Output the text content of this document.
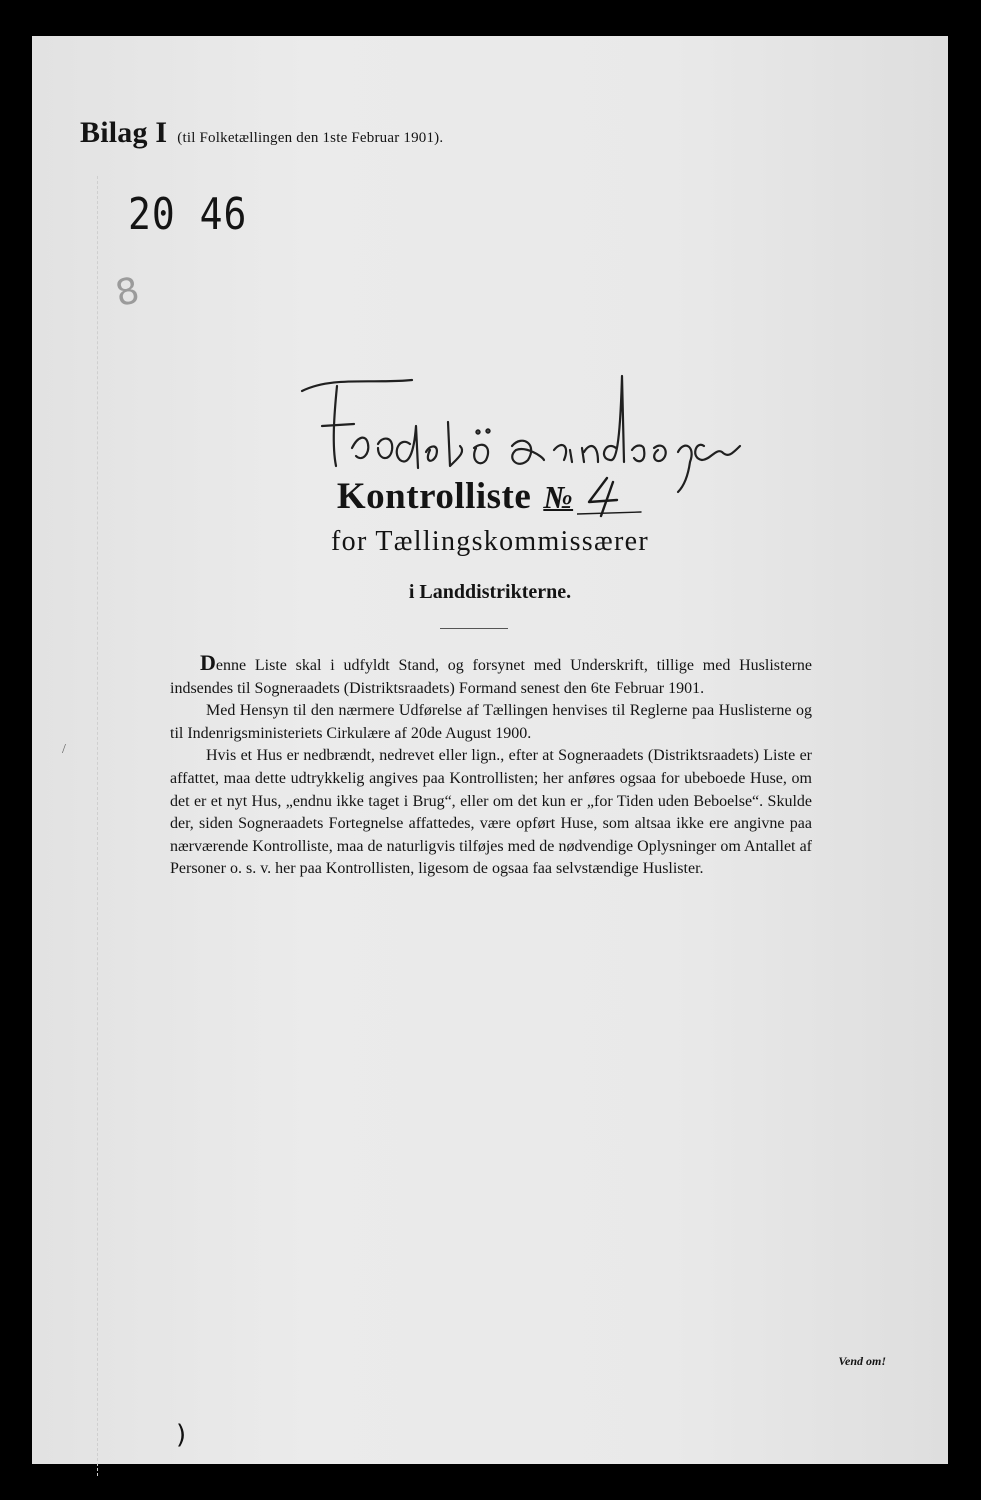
Bilag I (til Folketællingen den 1ste Februar 1901).
20 46
8
Kontrolliste №
for Tællingskommissærer
i Landdistrikterne.

Denne Liste skal i udfyldt Stand, og forsynet med Underskrift, tillige med Huslisterne indsendes til Sogneraadets (Distriktsraadets) Formand senest den 6te Februar 1901.

Med Hensyn til den nærmere Udførelse af Tællingen henvises til Reglerne paa Huslisterne og til Indenrigsministeriets Cirkulære af 20de August 1900.

Hvis et Hus er nedbrændt, nedrevet eller lign., efter at Sogneraadets (Distriktsraadets) Liste er affattet, maa dette udtrykkelig angives paa Kontrollisten; her anføres ogsaa for ubeboede Huse, om det er et nyt Hus, „endnu ikke taget i Brug“, eller om det kun er „for Tiden uden Beboelse“. Skulde der, siden Sogneraadets Fortegnelse affattedes, være opført Huse, som altsaa ikke ere angivne paa nærværende Kontrolliste, maa de naturligvis tilføjes med de nødvendige Oplysninger om Antallet af Personer o. s. v. her paa Kontrollisten, ligesom de ogsaa faa selvstændige Huslister.

/
Vend om!
)
